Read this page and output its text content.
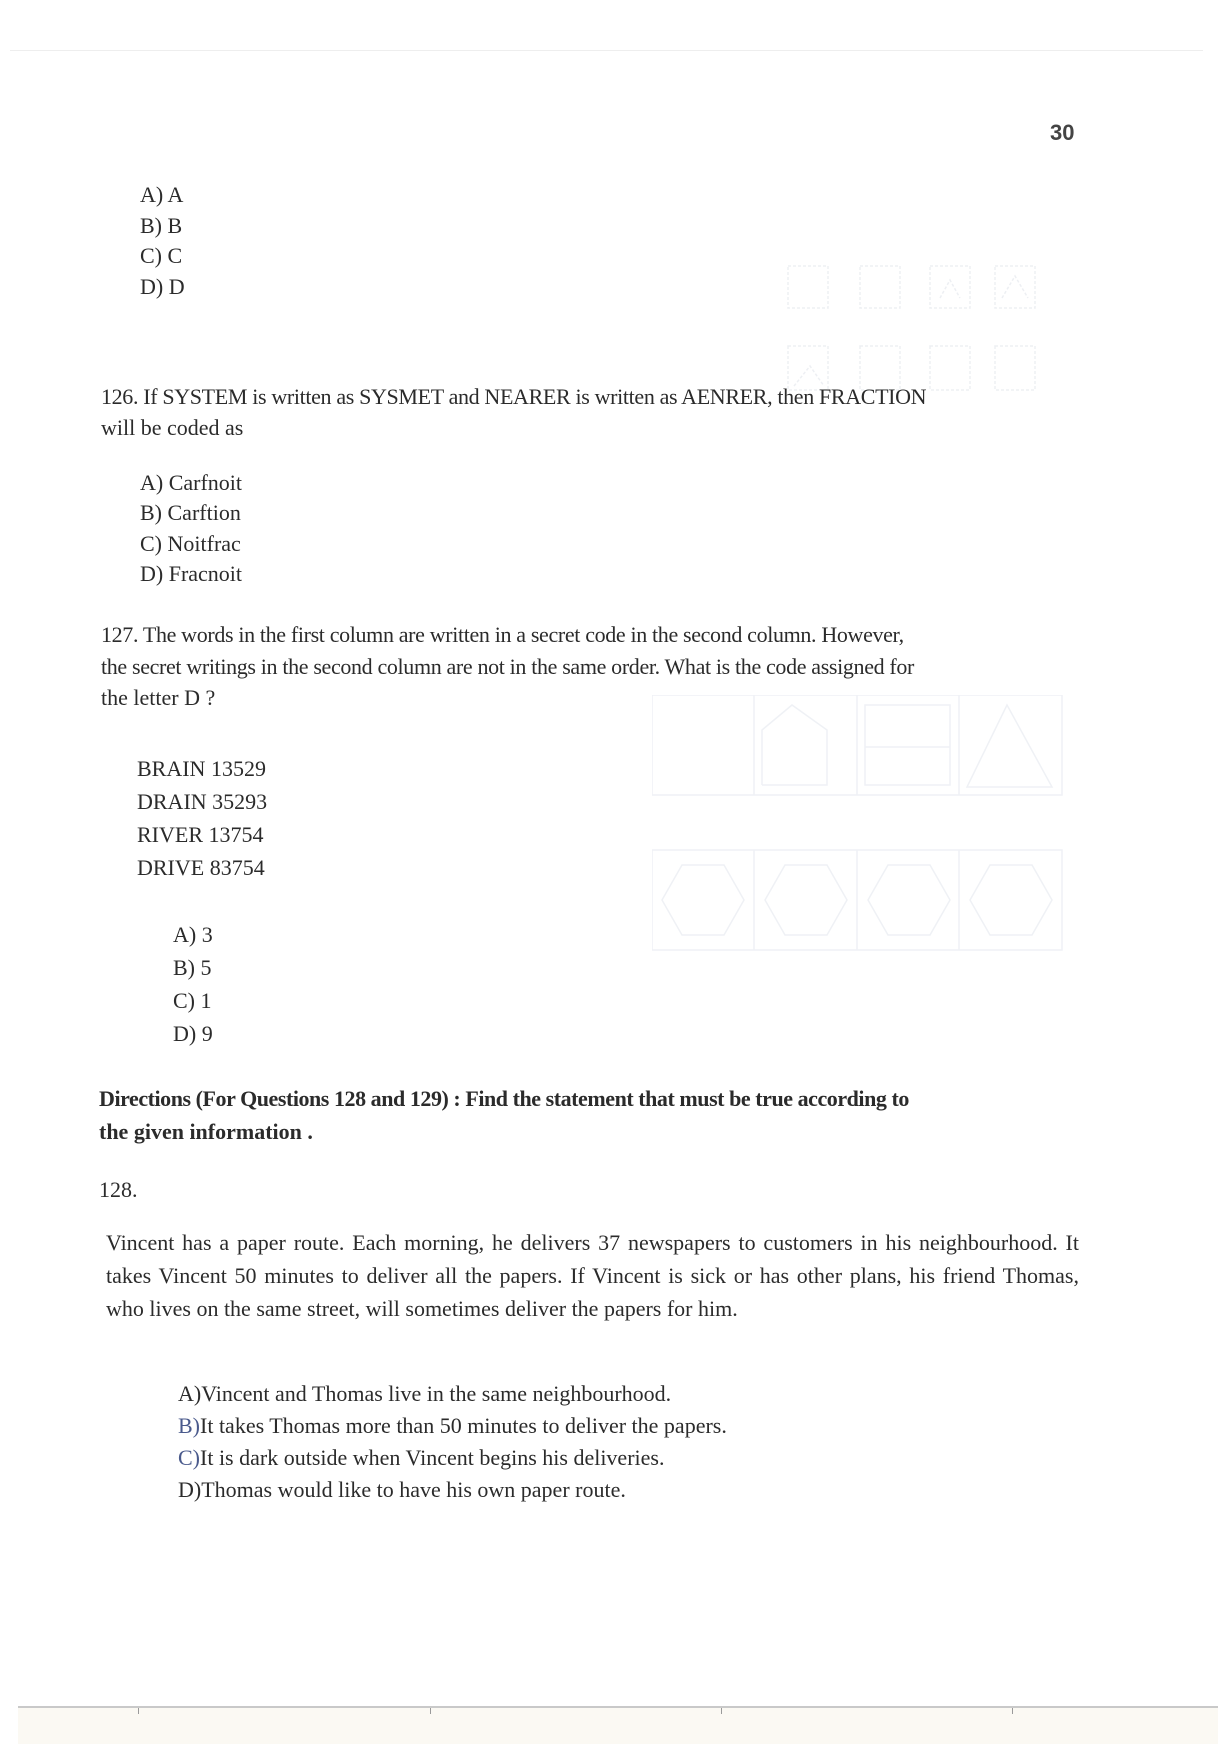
30
A) A
B) B
C) C
D) D
126. If SYSTEM is written as SYSMET and NEARER is written as AENRER, then FRACTION
will be coded as
A) Carfnoit
B) Carftion
C) Noitfrac
D) Fracnoit
127. The words in the first column are written in a secret code in the second column. However,
the secret writings in the second column are not in the same order. What is the code assigned for
the letter D ?
BRAIN 13529
DRAIN 35293
RIVER 13754
DRIVE 83754
A) 3
B) 5
C) 1
D) 9
Directions (For Questions 128 and 129) : Find the statement that must be true according to
the given information .
128.
Vincent has a paper route. Each morning, he delivers 37 newspapers to customers in his neighbourhood. It takes Vincent 50 minutes to deliver all the papers. If Vincent is sick or has other plans, his friend Thomas, who lives on the same street, will sometimes deliver the papers for him.
A)Vincent and Thomas live in the same neighbourhood.
B)It takes Thomas more than 50 minutes to deliver the papers.
C)It is dark outside when Vincent begins his deliveries.
D)Thomas would like to have his own paper route.
